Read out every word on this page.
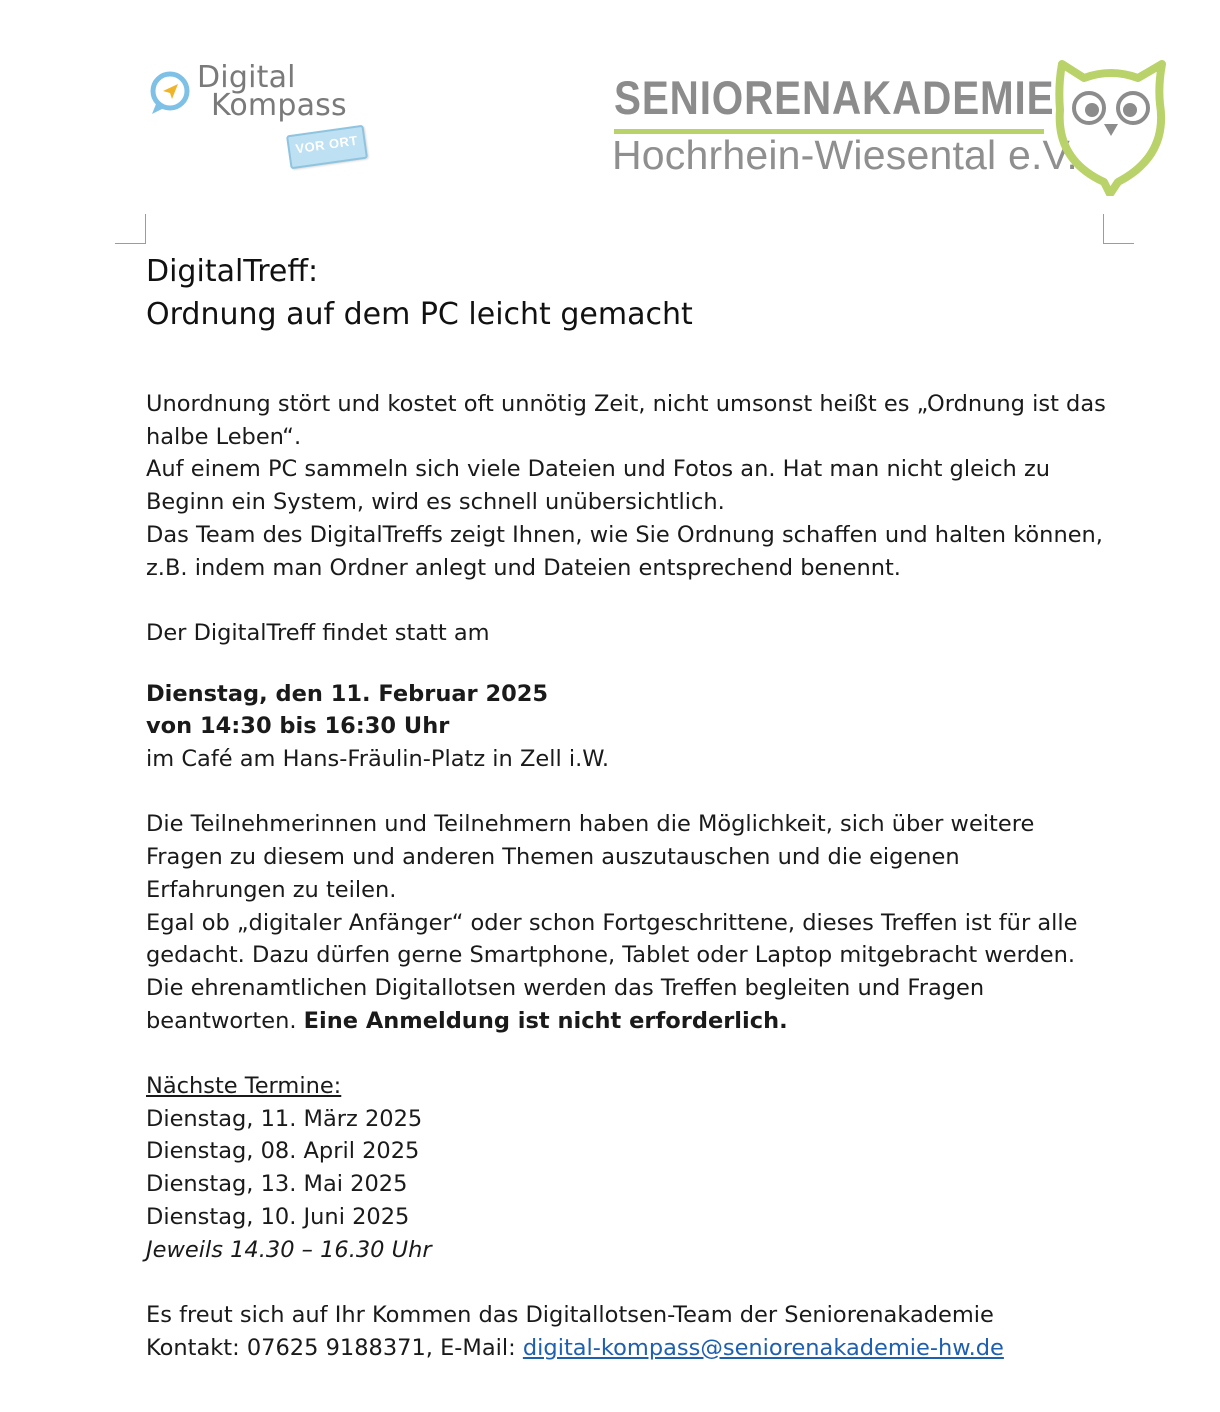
Digital
Kompass
VOR ORT
SENIORENAKADEMIE
Hochrhein-Wiesental e.V.
DigitalTreff:
Ordnung auf dem PC leicht gemacht

Unordnung stört und kostet oft unnötig Zeit, nicht umsonst heißt es „Ordnung ist das halbe Leben“.

Auf einem PC sammeln sich viele Dateien und Fotos an. Hat man nicht gleich zu Beginn ein System, wird es schnell unübersichtlich.

Das Team des DigitalTreffs zeigt Ihnen, wie Sie Ordnung schaffen und halten können, z.B. indem man Ordner anlegt und Dateien entsprechend benennt.

Der DigitalTreff findet statt am

Dienstag, den 11. Februar 2025

von 14:30 bis 16:30 Uhr

im Café am Hans-Fräulin-Platz in Zell i.W.

Die Teilnehmerinnen und Teilnehmern haben die Möglichkeit, sich über weitere Fragen zu diesem und anderen Themen auszutauschen und die eigenen Erfahrungen zu teilen.

Egal ob „digitaler Anfänger“ oder schon Fortgeschrittene, dieses Treffen ist für alle gedacht. Dazu dürfen gerne Smartphone, Tablet oder Laptop mitgebracht werden.

Die ehrenamtlichen Digitallotsen werden das Treffen begleiten und Fragen beantworten. Eine Anmeldung ist nicht erforderlich.

Nächste Termine:

Dienstag, 11. März 2025

Dienstag, 08. April 2025

Dienstag, 13. Mai 2025

Dienstag, 10. Juni 2025

Jeweils 14.30 – 16.30 Uhr

Es freut sich auf Ihr Kommen das Digitallotsen-Team der Seniorenakademie

Kontakt: 07625 9188371, E-Mail: digital-kompass@seniorenakademie-hw.de
